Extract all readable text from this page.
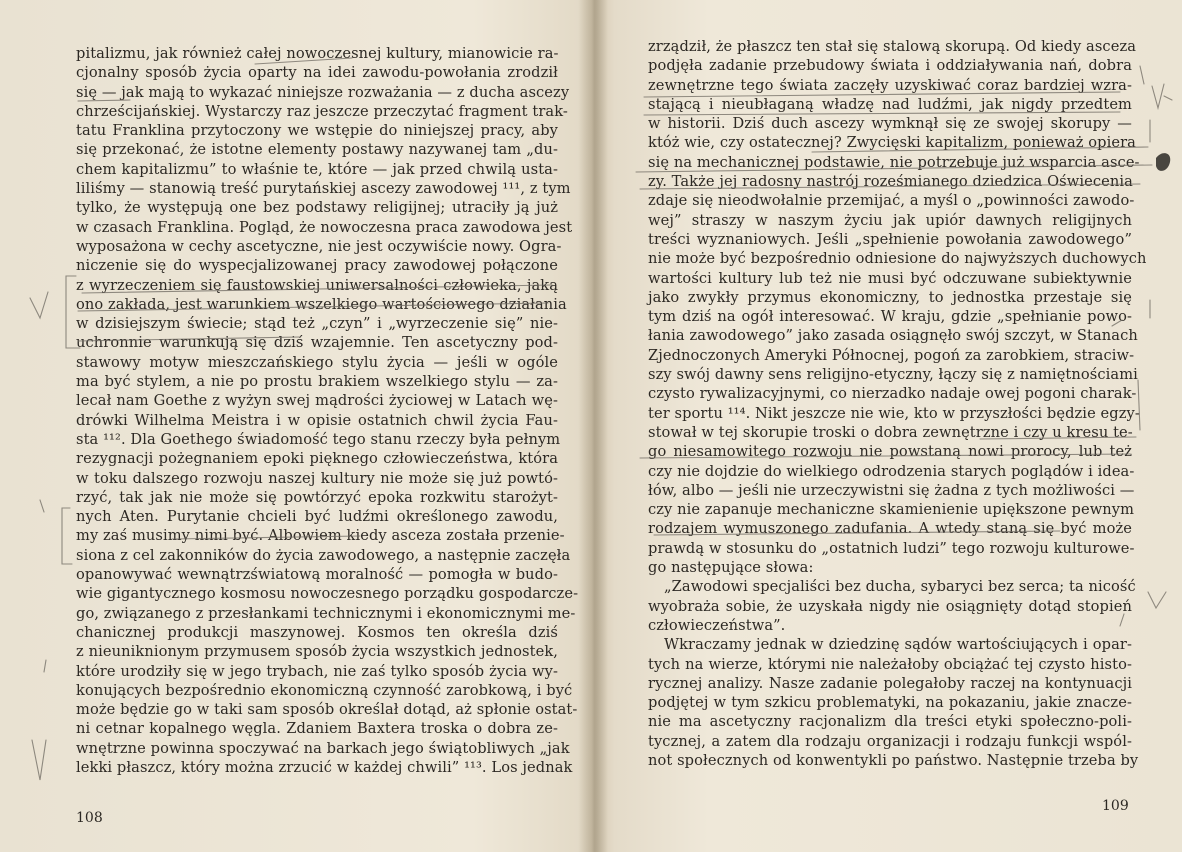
pitalizmu, jak również całej nowoczesnej kultury, mianowicie ra-
cjonalny sposób życia oparty na idei zawodu-powołania zrodził
się — jak mają to wykazać niniejsze rozważania — z ducha ascezy
chrześcijańskiej. Wystarczy raz jeszcze przeczytać fragment trak-
tatu Franklina przytoczony we wstępie do niniejszej pracy, aby
się przekonać, że istotne elementy postawy nazywanej tam „du-
chem kapitalizmu” to właśnie te, które — jak przed chwilą usta-
liliśmy — stanowią treść purytańskiej ascezy zawodowej ¹¹¹, z tym
tylko, że występują one bez podstawy religijnej; utraciły ją już
w czasach Franklina. Pogląd, że nowoczesna praca zawodowa jest
wyposażona w cechy ascetyczne, nie jest oczywiście nowy. Ogra-
niczenie się do wyspecjalizowanej pracy zawodowej połączone
z wyrzeczeniem się faustowskiej uniwersalności człowieka, jaką
ono zakłada, jest warunkiem wszelkiego wartościowego działania
w dzisiejszym świecie; stąd też „czyn” i „wyrzeczenie się” nie-
uchronnie warunkują się dziś wzajemnie. Ten ascetyczny pod-
stawowy motyw mieszczańskiego stylu życia — jeśli w ogóle
ma być stylem, a nie po prostu brakiem wszelkiego stylu — za-
lecał nam Goethe z wyżyn swej mądrości życiowej w Latach wę-
drówki Wilhelma Meistra i w opisie ostatnich chwil życia Fau-
sta ¹¹². Dla Goethego świadomość tego stanu rzeczy była pełnym
rezygnacji pożegnaniem epoki pięknego człowieczeństwa, która
w toku dalszego rozwoju naszej kultury nie może się już powtó-
rzyć, tak jak nie może się powtórzyć epoka rozkwitu starożyt-
nych Aten. Purytanie chcieli być ludźmi określonego zawodu,
my zaś musimy nimi być. Albowiem kiedy asceza została przenie-
siona z cel zakonników do życia zawodowego, a następnie zaczęła
opanowywać wewnątrzświatową moralność — pomogła w budo-
wie gigantycznego kosmosu nowoczesnego porządku gospodarcze-
go, związanego z przesłankami technicznymi i ekonomicznymi me-
chanicznej produkcji maszynowej. Kosmos ten określa dziś
z nieuniknionym przymusem sposób życia wszystkich jednostek,
które urodziły się w jego trybach, nie zaś tylko sposób życia wy-
konujących bezpośrednio ekonomiczną czynność zarobkową, i być
może będzie go w taki sam sposób określał dotąd, aż spłonie ostat-
ni cetnar kopalnego węgla. Zdaniem Baxtera troska o dobra ze-
wnętrzne powinna spoczywać na barkach jego świątobliwych „jak
lekki płaszcz, który można zrzucić w każdej chwili” ¹¹³. Los jednak
108
zrządził, że płaszcz ten stał się stalową skorupą. Od kiedy asceza
podjęła zadanie przebudowy świata i oddziaływania nań, dobra
zewnętrzne tego świata zaczęły uzyskiwać coraz bardziej wzra-
stającą i nieubłaganą władzę nad ludźmi, jak nigdy przedtem
w historii. Dziś duch ascezy wymknął się ze swojej skorupy —
któż wie, czy ostatecznej? Zwycięski kapitalizm, ponieważ opiera
się na mechanicznej podstawie, nie potrzebuje już wsparcia asce-
zy. Także jej radosny nastrój roześmianego dziedzica Oświecenia
zdaje się nieodwołalnie przemijać, a myśl o „powinności zawodo-
wej” straszy w naszym życiu jak upiór dawnych religijnych
treści wyznaniowych. Jeśli „spełnienie powołania zawodowego”
nie może być bezpośrednio odniesione do najwyższych duchowych
wartości kultury lub też nie musi być odczuwane subiektywnie
jako zwykły przymus ekonomiczny, to jednostka przestaje się
tym dziś na ogół interesować. W kraju, gdzie „spełnianie powo-
łania zawodowego” jako zasada osiągnęło swój szczyt, w Stanach
Zjednoczonych Ameryki Północnej, pogoń za zarobkiem, straciw-
szy swój dawny sens religijno-etyczny, łączy się z namiętnościami
czysto rywalizacyjnymi, co nierzadko nadaje owej pogoni charak-
ter sportu ¹¹⁴. Nikt jeszcze nie wie, kto w przyszłości będzie egzy-
stował w tej skorupie troski o dobra zewnętrzne i czy u kresu te-
go niesamowitego rozwoju nie powstaną nowi prorocy, lub też
czy nie dojdzie do wielkiego odrodzenia starych poglądów i idea-
łów, albo — jeśli nie urzeczywistni się żadna z tych możliwości —
czy nie zapanuje mechaniczne skamienienie upiększone pewnym
rodzajem wymuszonego zadufania. A wtedy staną się być może
prawdą w stosunku do „ostatnich ludzi” tego rozwoju kulturowe-
go następujące słowa:
„Zawodowi specjaliści bez ducha, sybaryci bez serca; ta nicość
wyobraża sobie, że uzyskała nigdy nie osiągnięty dotąd stopień
człowieczeństwa”.
Wkraczamy jednak w dziedzinę sądów wartościujących i opar-
tych na wierze, którymi nie należałoby obciążać tej czysto histo-
rycznej analizy. Nasze zadanie polegałoby raczej na kontynuacji
podjętej w tym szkicu problematyki, na pokazaniu, jakie znacze-
nie ma ascetyczny racjonalizm dla treści etyki społeczno-poli-
tycznej, a zatem dla rodzaju organizacji i rodzaju funkcji wspól-
not społecznych od konwentykli po państwo. Następnie trzeba by
109
